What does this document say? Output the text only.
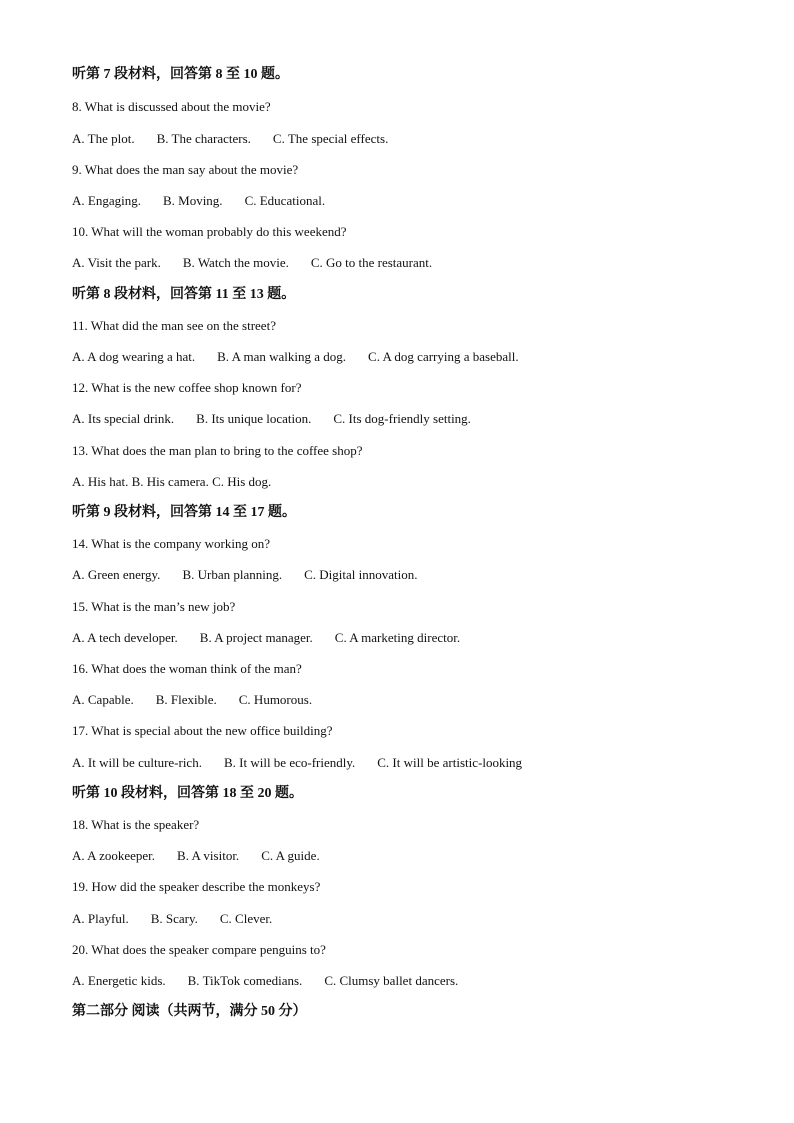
听第 7 段材料，回答第 8 至 10 题。
8. What is discussed about the movie?
A. The plot. B. The characters. C. The special effects.
9. What does the man say about the movie?
A. Engaging. B. Moving. C. Educational.
10. What will the woman probably do this weekend?
A. Visit the park. B. Watch the movie. C. Go to the restaurant.
听第 8 段材料，回答第 11 至 13 题。
11. What did the man see on the street?
A. A dog wearing a hat. B. A man walking a dog. C. A dog carrying a baseball.
12. What is the new coffee shop known for?
A. Its special drink. B. Its unique location. C. Its dog-friendly setting.
13. What does the man plan to bring to the coffee shop?
A. His hat. B. His camera. C. His dog.
听第 9 段材料，回答第 14 至 17 题。
14. What is the company working on?
A. Green energy. B. Urban planning. C. Digital innovation.
15. What is the man’s new job?
A. A tech developer. B. A project manager. C. A marketing director.
16. What does the woman think of the man?
A. Capable. B. Flexible. C. Humorous.
17. What is special about the new office building?
A. It will be culture-rich. B. It will be eco-friendly. C. It will be artistic-looking
听第 10 段材料，回答第 18 至 20 题。
18. What is the speaker?
A. A zookeeper. B. A visitor. C. A guide.
19. How did the speaker describe the monkeys?
A. Playful. B. Scary. C. Clever.
20. What does the speaker compare penguins to?
A. Energetic kids. B. TikTok comedians. C. Clumsy ballet dancers.
第二部分 阅读（共两节，满分 50 分）
